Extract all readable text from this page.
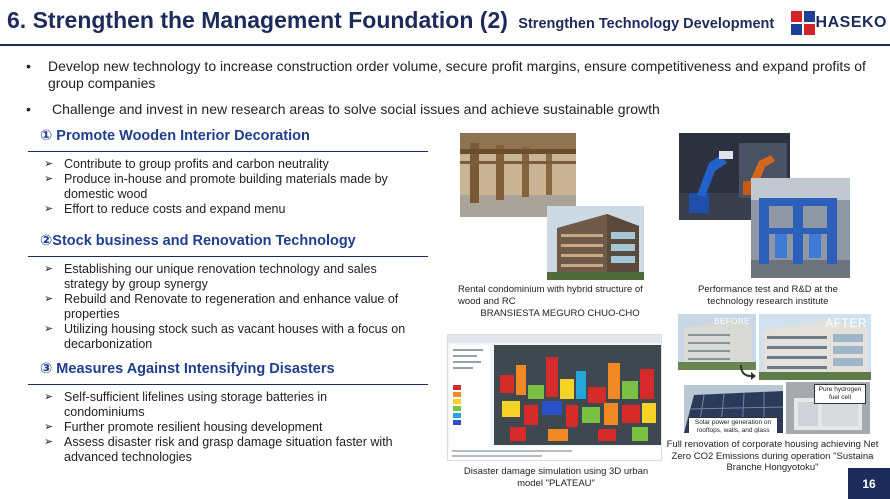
6. Strengthen the Management Foundation (2) Strengthen Technology Development	HASEKO
• Develop new technology to increase construction order volume, secure profit margins, ensure competitiveness and expand profits of group companies
• Challenge and invest in new research areas to solve social issues and achieve sustainable growth
① Promote Wooden Interior Decoration
➢ Contribute to group profits and carbon neutrality
➢ Produce in-house and promote building materials made by domestic wood
➢ Effort to reduce costs and expand menu
②Stock business and Renovation Technology
➢ Establishing our unique renovation technology and sales strategy by group synergy
➢ Rebuild and Renovate to regeneration and enhance value of properties
➢ Utilizing housing stock such as vacant houses with a focus on decarbonization
③ Measures Against Intensifying Disasters
➢ Self-sufficient lifelines using storage batteries in condominiums
➢ Further promote resilient housing development
➢ Assess disaster risk and grasp damage situation faster with advanced technologies
Rental condominium with hybrid structure of wood and RC
BRANSIESTA MEGURO CHUO-CHO
Performance test and R&D at the technology research institute
Disaster damage simulation using 3D urban model "PLATEAU"
BEFORE	AFTER
Solar power generation on rooftops, walls, and glass
Pure hydrogen fuel cell
Full renovation of corporate housing achieving Net Zero CO2 Emissions during operation "Sustaina Branche Hongyotoku"
16
